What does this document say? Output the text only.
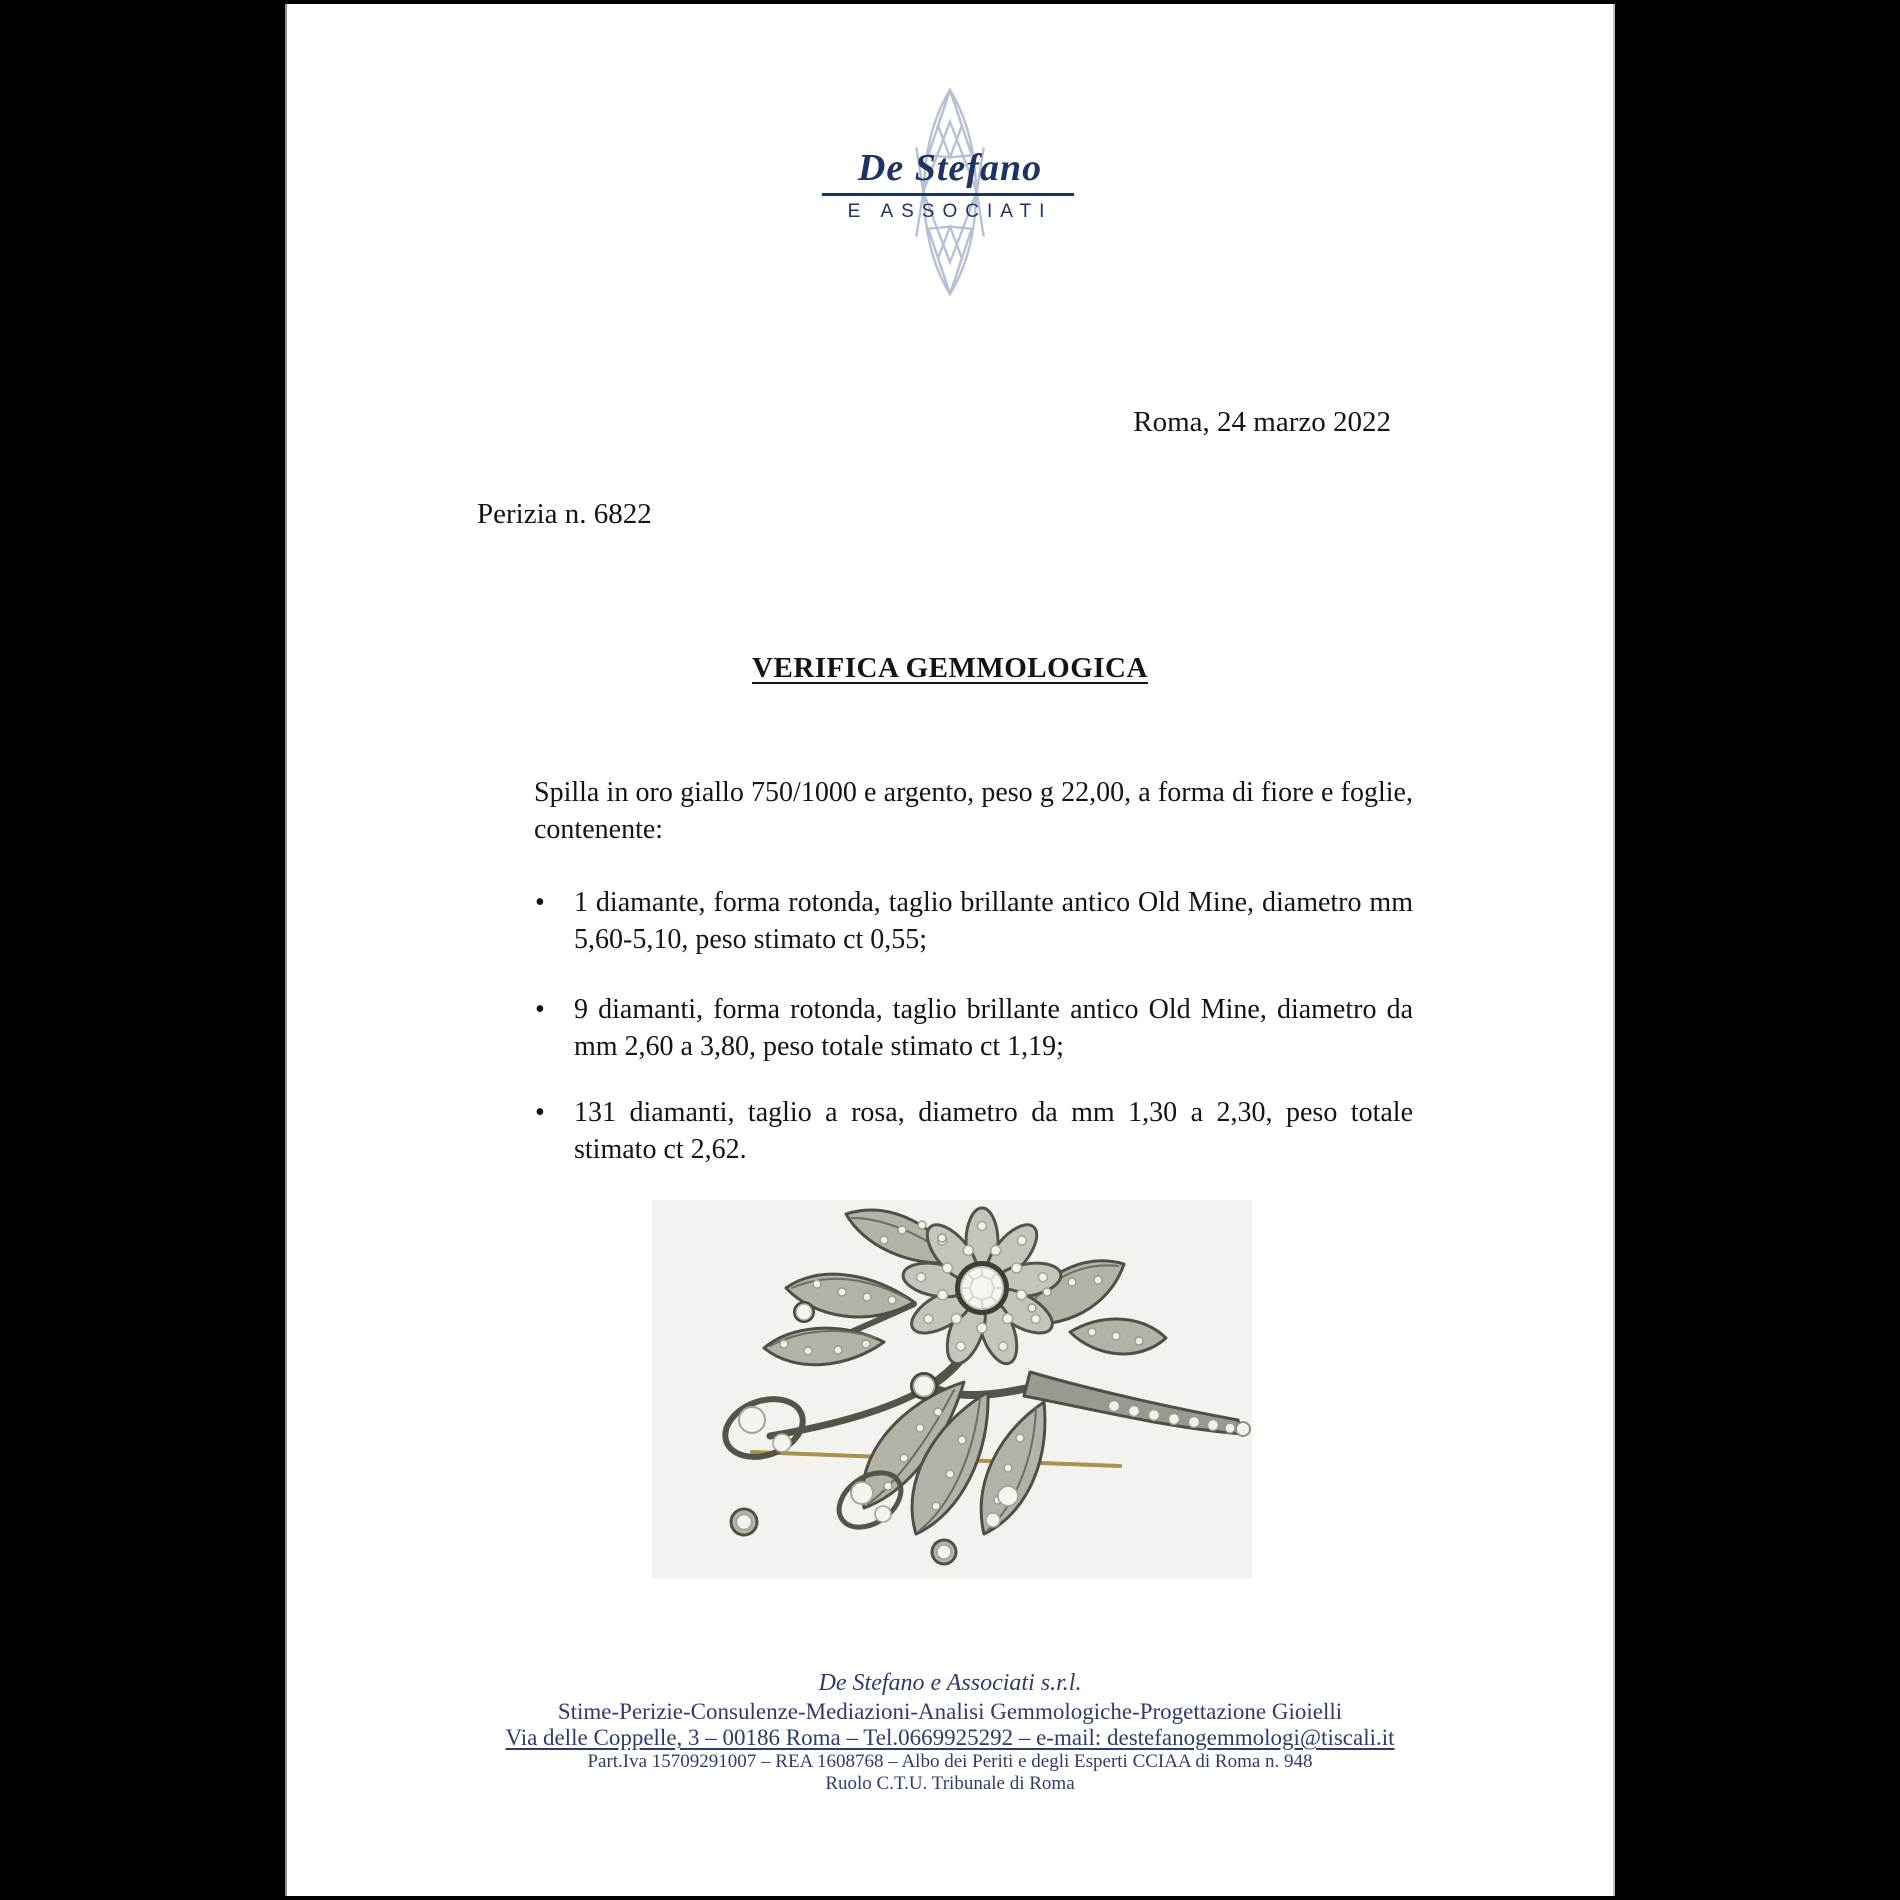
De Stefano
E ASSOCIATI
Roma, 24 marzo 2022
Perizia n. 6822
VERIFICA GEMMOLOGICA
Spilla in oro giallo 750/1000 e argento, peso g 22,00, a forma di fiore e foglie, contenente:
•	1 diamante, forma rotonda, taglio brillante antico Old Mine, diametro mm 5,60-5,10, peso stimato ct 0,55;
•	9 diamanti, forma rotonda, taglio brillante antico Old Mine, diametro da mm 2,60 a 3,80, peso totale stimato ct 1,19;
•	131 diamanti, taglio a rosa, diametro da mm 1,30 a 2,30, peso totale stimato ct 2,62.
De Stefano e Associati s.r.l.
Stime-Perizie-Consulenze-Mediazioni-Analisi Gemmologiche-Progettazione Gioielli
Via delle Coppelle, 3 – 00186 Roma – Tel.0669925292 – e-mail: destefanogemmologi@tiscali.it
Part.Iva 15709291007 – REA 1608768 – Albo dei Periti e degli Esperti CCIAA di Roma n. 948
Ruolo C.T.U. Tribunale di Roma
